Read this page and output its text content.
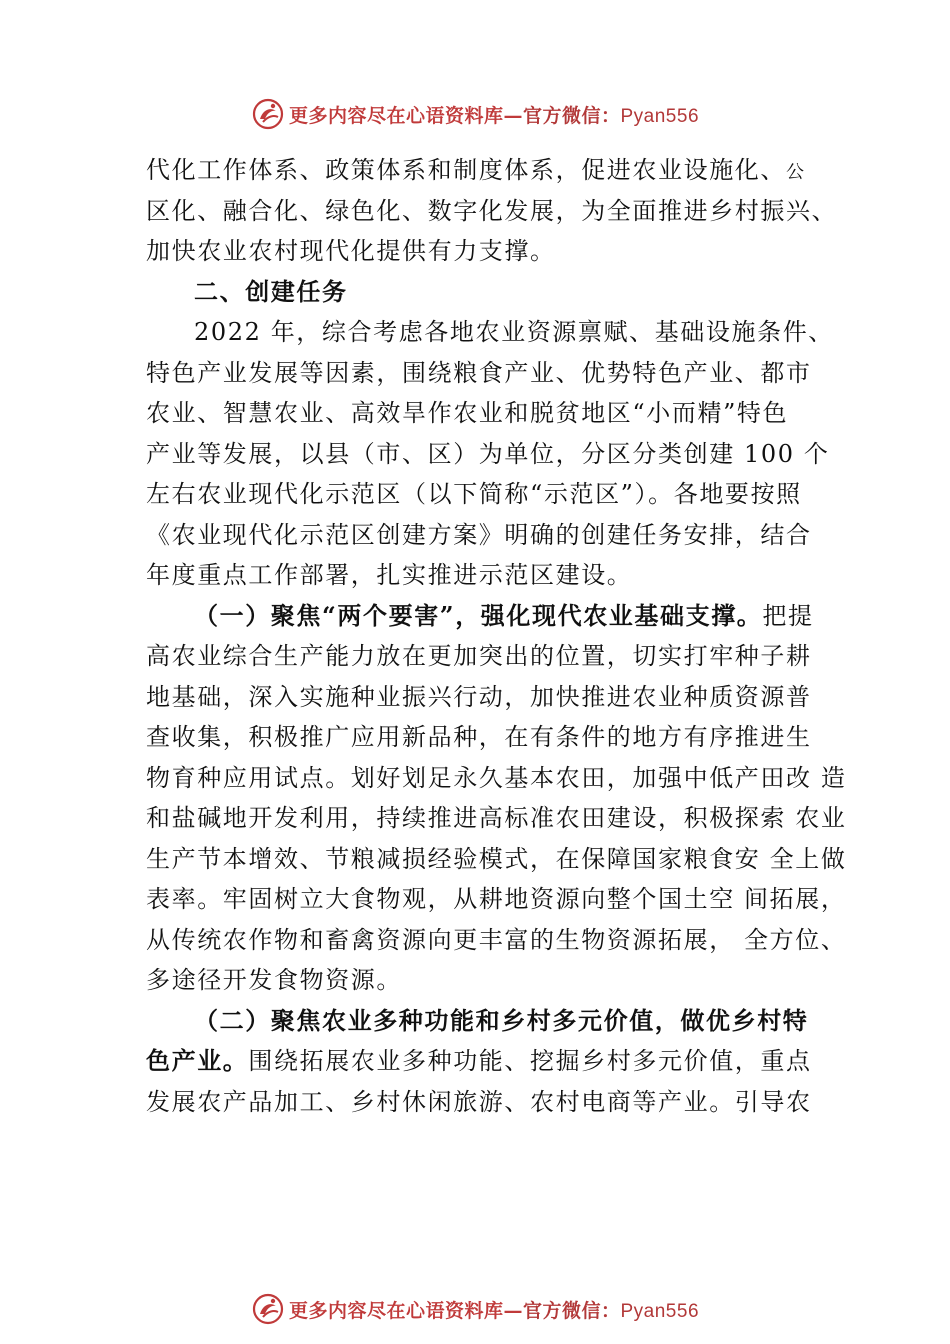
更多内容尽在心语资料库—官方微信：Pyan556
代化工作体系、政策体系和制度体系，促进农业设施化、公
区化、融合化、绿色化、数字化发展，为全面推进乡村振兴、
加快农业农村现代化提供有力支撑。
二、创建任务
2022 年，综合考虑各地农业资源禀赋、基础设施条件、
特色产业发展等因素，围绕粮食产业、优势特色产业、都市
农业、智慧农业、高效旱作农业和脱贫地区“小而精”特色
产业等发展，以县（市、区）为单位，分区分类创建 100 个
左右农业现代化示范区（以下简称“示范区”）。各地要按照
《农业现代化示范区创建方案》明确的创建任务安排，结合
年度重点工作部署，扎实推进示范区建设。
（一）聚焦“两个要害”，强化现代农业基础支撑。把提
高农业综合生产能力放在更加突出的位置，切实打牢种子耕
地基础，深入实施种业振兴行动，加快推进农业种质资源普
查收集，积极推广应用新品种，在有条件的地方有序推进生
物育种应用试点。划好划足永久基本农田，加强中低产田改 造
和盐碱地开发利用，持续推进高标准农田建设，积极探索 农业
生产节本增效、节粮减损经验模式，在保障国家粮食安 全上做
表率。牢固树立大食物观，从耕地资源向整个国土空 间拓展，
从传统农作物和畜禽资源向更丰富的生物资源拓展， 全方位、
多途径开发食物资源。
（二）聚焦农业多种功能和乡村多元价值，做优乡村特
色产业。围绕拓展农业多种功能、挖掘乡村多元价值，重点
发展农产品加工、乡村休闲旅游、农村电商等产业。引导农
更多内容尽在心语资料库—官方微信：Pyan556
